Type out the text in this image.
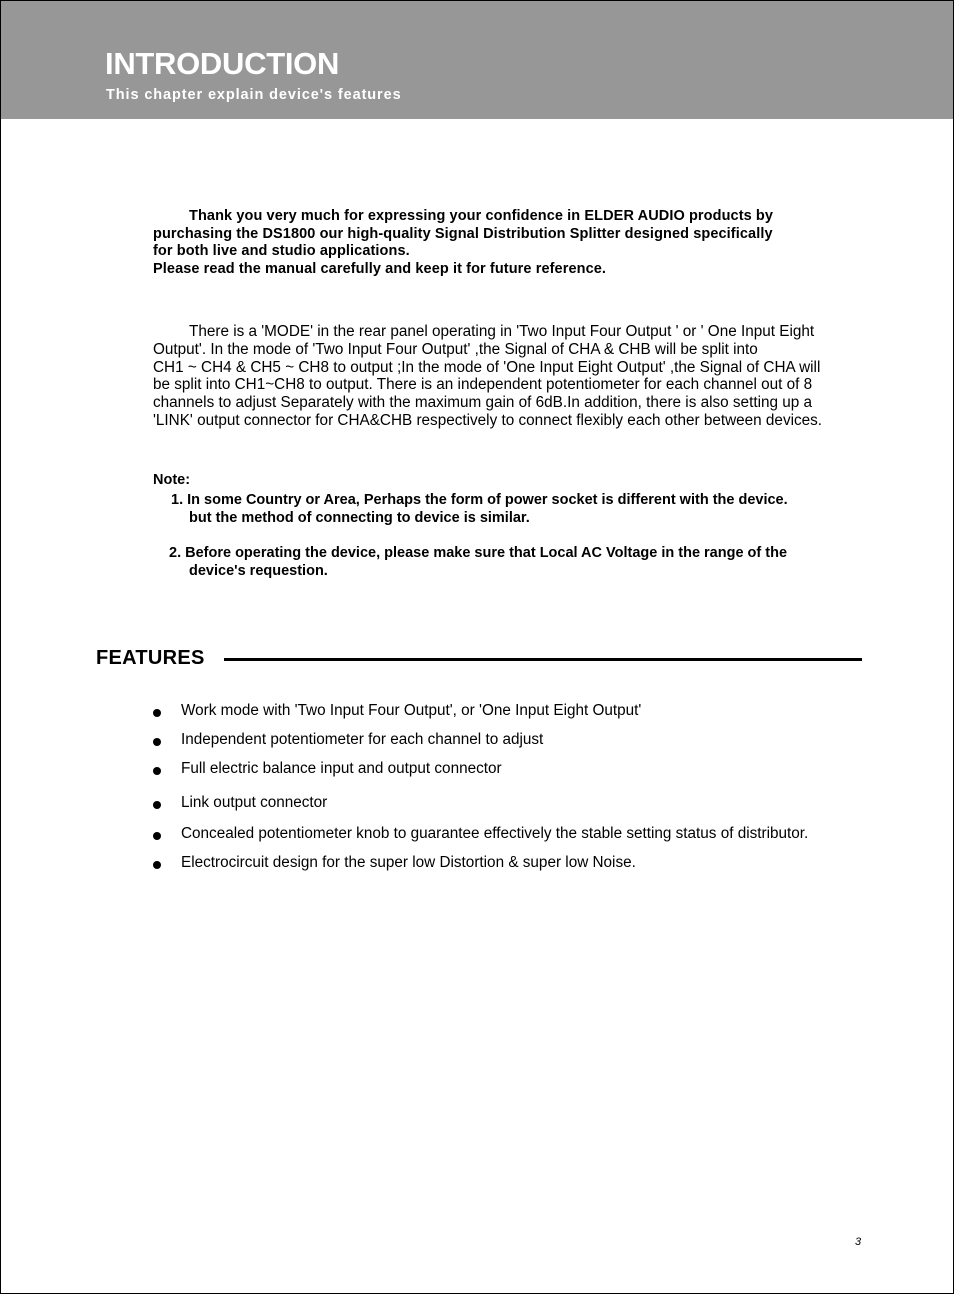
INTRODUCTION

This chapter explain device's features

Thank you very much for expressing your confidence in ELDER AUDIO products by
purchasing the DS1800 our high-quality Signal Distribution Splitter designed specifically
for both live and studio applications.
Please read the manual carefully and keep it for future reference.

There is a 'MODE' in the rear panel operating in 'Two Input Four Output ' or ' One Input Eight
Output'. In the mode of 'Two Input Four Output' ,the Signal of CHA & CHB will be split into
CH1 ~ CH4 & CH5 ~ CH8 to output ;In the mode of 'One Input Eight Output' ,the Signal of CHA will
be split into CH1~CH8 to output. There is an independent potentiometer for each channel out of 8
channels to adjust Separately with the maximum gain of 6dB.In addition, there is also setting up a
'LINK' output connector for CHA&CHB respectively to connect flexibly each other between devices.

Note:
1. In some Country or Area, Perhaps the form of power socket is different with the device.
but the method of connecting to device is similar.
2. Before operating the device, please make sure that Local AC Voltage in the range of the
device's requestion.
FEATURES
Work mode with 'Two Input Four Output', or 'One Input Eight Output'
Independent potentiometer for each channel to adjust
Full electric balance input and output connector
Link output connector
Concealed potentiometer knob to guarantee effectively the stable setting status of distributor.
Electrocircuit design for the super low Distortion & super low Noise.
3
